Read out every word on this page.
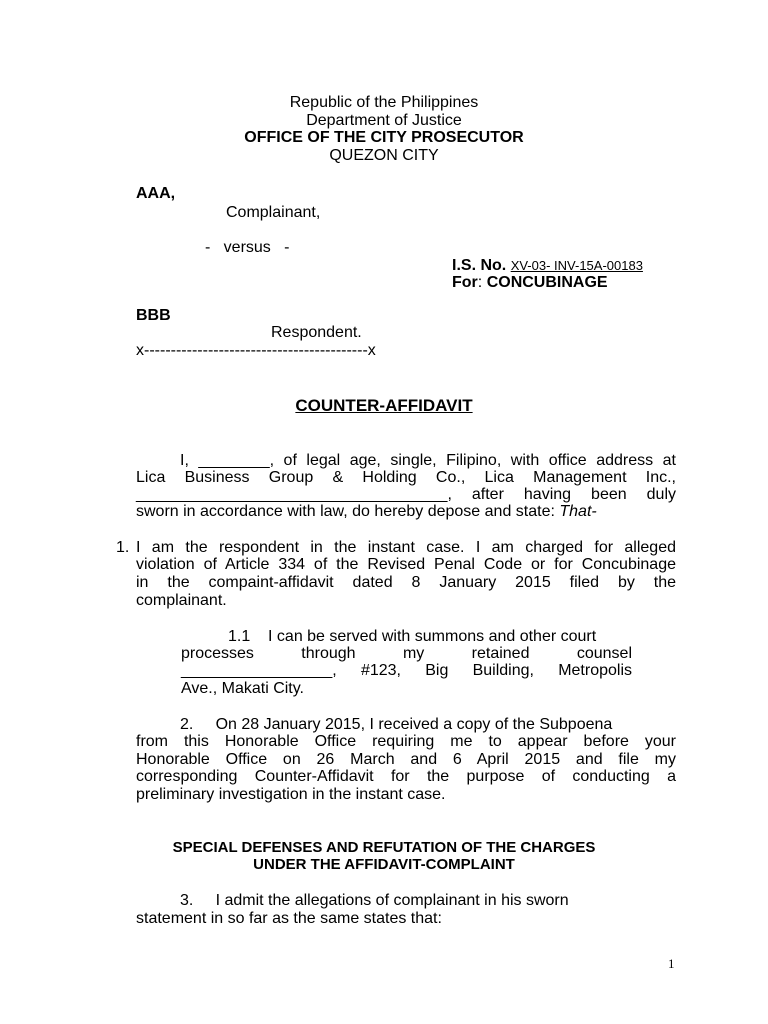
Republic of the Philippines
Department of Justice
OFFICE OF THE CITY PROSECUTOR
QUEZON CITY
AAA,
Complainant,
-   versus   -
I.S. No. XV-03- INV-15A-00183
For: CONCUBINAGE
BBB
Respondent.
x------------------------------------------x
COUNTER-AFFIDAVIT
I, ________, of legal age, single, Filipino, with office address at
Lica Business Group & Holding Co., Lica Management Inc.,
___________________________________, after having been duly
sworn in accordance with law, do hereby depose and state: That-
1. I am the respondent in the instant case. I am charged for alleged
violation of Article 334 of the Revised Penal Code or for Concubinage
in the compaint-affidavit dated 8 January 2015 filed by the
complainant.
1.1    I can be served with summons and other court
processes through my retained counsel
_________________, #123, Big Building, Metropolis
Ave., Makati City.
2.     On 28 January 2015, I received a copy of the Subpoena
from this Honorable Office requiring me to appear before your
Honorable Office on 26 March and 6 April 2015 and file my
corresponding Counter-Affidavit for the purpose of conducting a
preliminary investigation in the instant case.
SPECIAL DEFENSES AND REFUTATION OF THE CHARGES
UNDER THE AFFIDAVIT-COMPLAINT
3.     I admit the allegations of complainant in his sworn
statement in so far as the same states that:
1
